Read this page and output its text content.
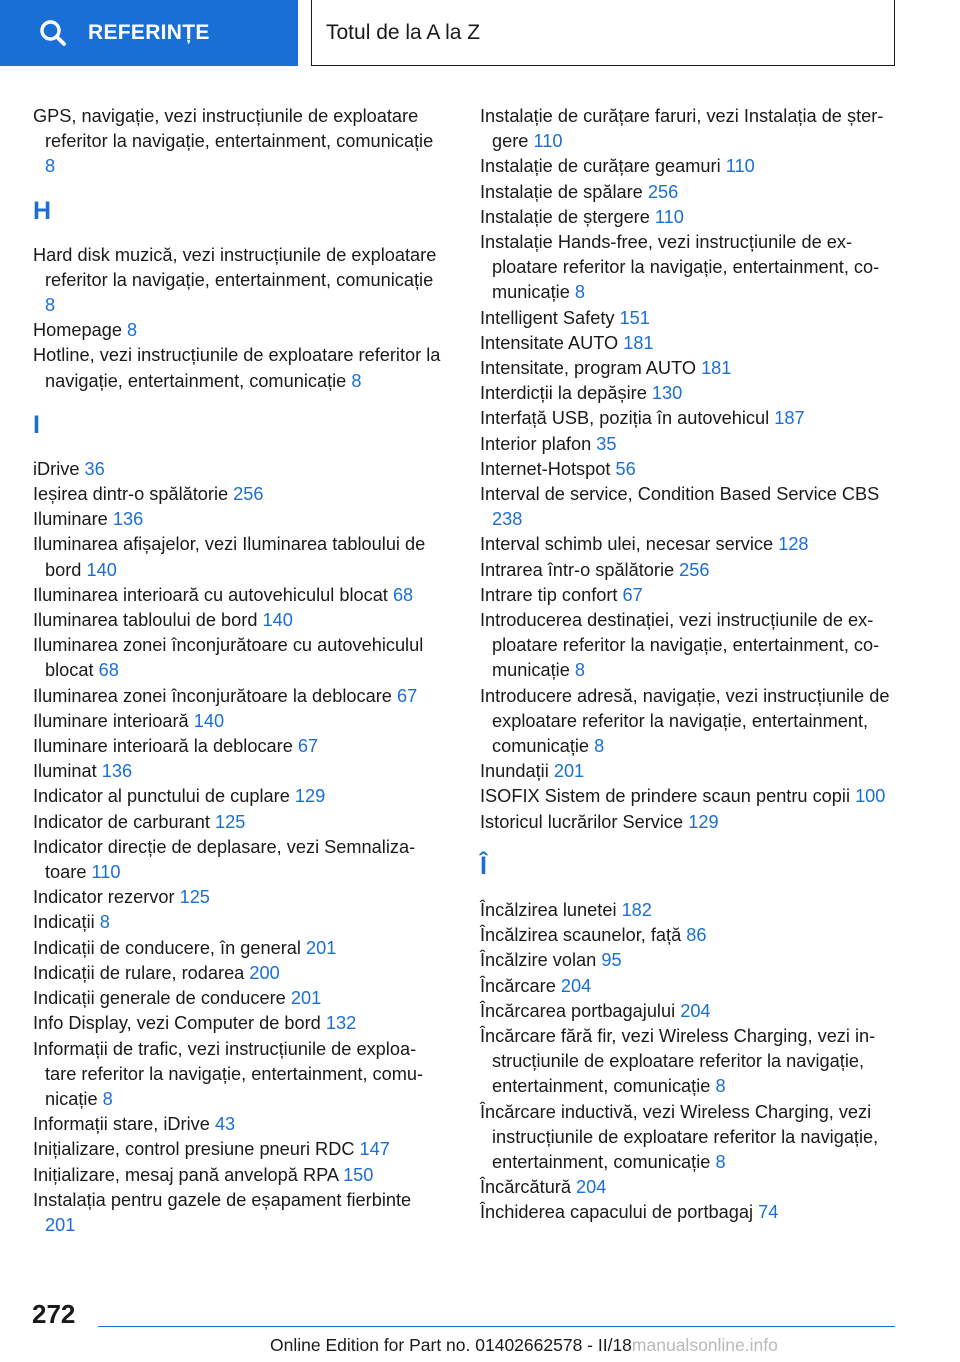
REFERINȚE	Totul de la A la Z
GPS, navigație, vezi instrucțiunile de exploatare referitor la navigație, entertainment, comunicație 8
H
Hard disk muzică, vezi instrucțiunile de exploatare referitor la navigație, entertainment, comunicație 8
Homepage 8
Hotline, vezi instrucțiunile de exploatare referitor la navigație, entertainment, comunicație 8
I
iDrive 36
Ieșirea dintr-o spălătorie 256
Iluminare 136
Iluminarea afișajelor, vezi Iluminarea tabloului de bord 140
Iluminarea interioară cu autovehiculul blocat 68
Iluminarea tabloului de bord 140
Iluminarea zonei înconjurătoare cu autovehiculul blocat 68
Iluminarea zonei înconjurătoare la deblocare 67
Iluminare interioară 140
Iluminare interioară la deblocare 67
Iluminat 136
Indicator al punctului de cuplare 129
Indicator de carburant 125
Indicator direcție de deplasare, vezi Semnalizatoare 110
Indicator rezervor 125
Indicații 8
Indicații de conducere, în general 201
Indicații de rulare, rodarea 200
Indicații generale de conducere 201
Info Display, vezi Computer de bord 132
Informații de trafic, vezi instrucțiunile de exploatare referitor la navigație, entertainment, comunicație 8
Informații stare, iDrive 43
Inițializare, control presiune pneuri RDC 147
Inițializare, mesaj pană anvelopă RPA 150
Instalația pentru gazele de eșapament fierbinte 201
Instalație de curățare faruri, vezi Instalația de ștergere 110
Instalație de curățare geamuri 110
Instalație de spălare 256
Instalație de ștergere 110
Instalație Hands-free, vezi instrucțiunile de exploatare referitor la navigație, entertainment, comunicație 8
Intelligent Safety 151
Intensitate AUTO 181
Intensitate, program AUTO 181
Interdicții la depășire 130
Interfață USB, poziția în autovehicul 187
Interior plafon 35
Internet-Hotspot 56
Interval de service, Condition Based Service CBS 238
Interval schimb ulei, necesar service 128
Intrarea într-o spălătorie 256
Intrare tip confort 67
Introducerea destinației, vezi instrucțiunile de exploatare referitor la navigație, entertainment, comunicație 8
Introducere adresă, navigație, vezi instrucțiunile de exploatare referitor la navigație, entertainment, comunicație 8
Inundații 201
ISOFIX Sistem de prindere scaun pentru copii 100
Istoricul lucrărilor Service 129
Î
Încălzirea lunetei 182
Încălzirea scaunelor, față 86
Încălzire volan 95
Încărcare 204
Încărcarea portbagajului 204
Încărcare fără fir, vezi Wireless Charging, vezi instrucțiunile de exploatare referitor la navigație, entertainment, comunicație 8
Încărcare inductivă, vezi Wireless Charging, vezi instrucțiunile de exploatare referitor la navigație, entertainment, comunicație 8
Încărcătură 204
Închiderea capacului de portbagaj 74
272
Online Edition for Part no. 01402662578 - II/18manualsonline.info
